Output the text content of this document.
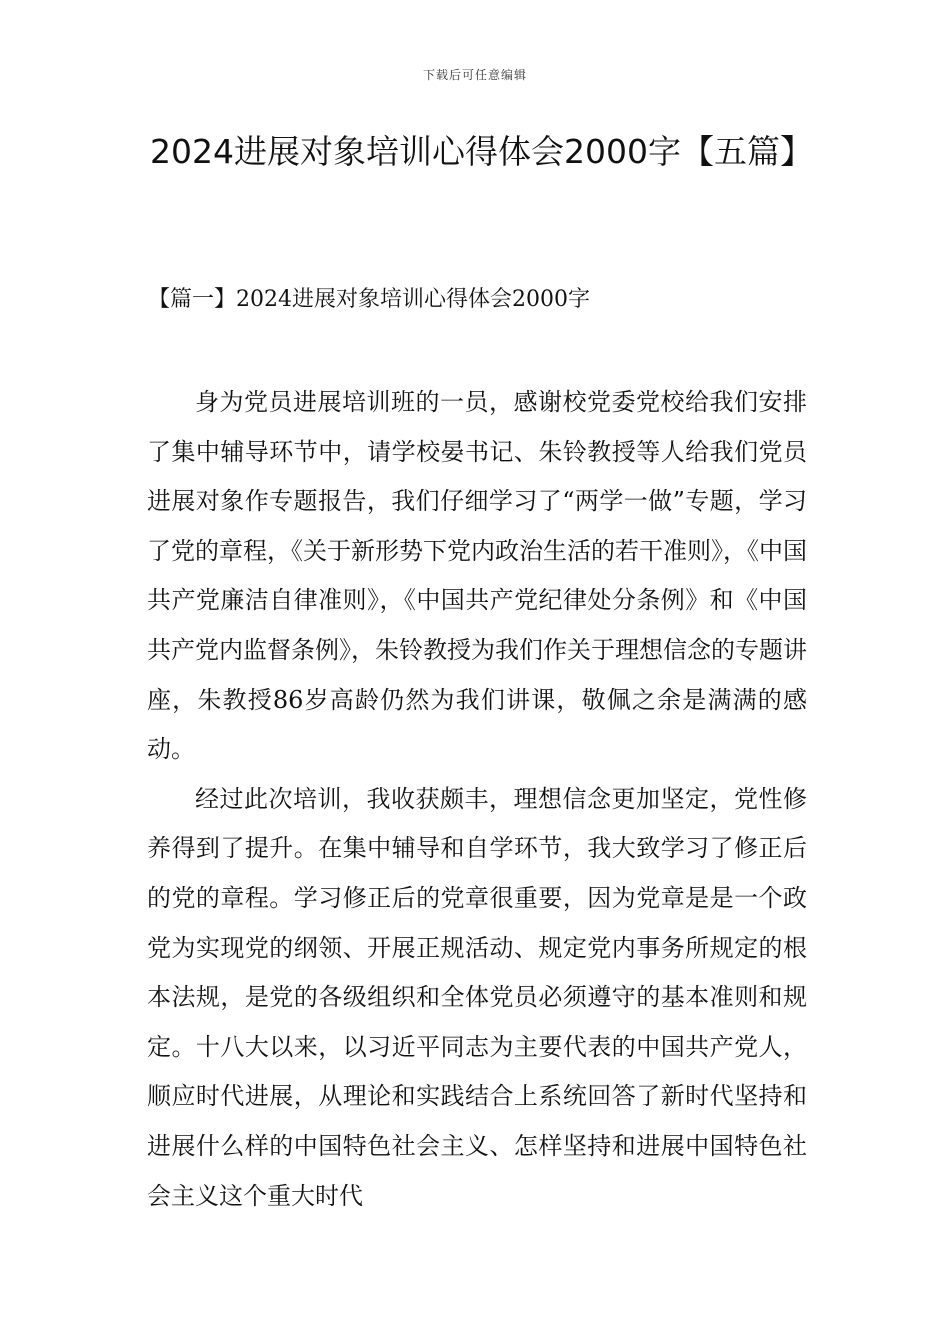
下载后可任意编辑
2024进展对象培训心得体会2000字【五篇】
【篇一】2024进展对象培训心得体会2000字

身为党员进展培训班的一员，感谢校党委党校给我们安排了集中辅导环节中，请学校晏书记、朱铃教授等人给我们党员进展对象作专题报告，我们仔细学习了“两学一做”专题，学习了党的章程，《关于新形势下党内政治生活的若干准则》，《中国共产党廉洁自律准则》，《中国共产党纪律处分条例》和《中国共产党内监督条例》，朱铃教授为我们作关于理想信念的专题讲座，朱教授86岁高龄仍然为我们讲课，敬佩之余是满满的感动。

经过此次培训，我收获颇丰，理想信念更加坚定，党性修养得到了提升。在集中辅导和自学环节，我大致学习了修正后的党的章程。学习修正后的党章很重要，因为党章是是一个政党为实现党的纲领、开展正规活动、规定党内事务所规定的根本法规，是党的各级组织和全体党员必须遵守的基本准则和规定。十八大以来，以习近平同志为主要代表的中国共产党人，顺应时代进展，从理论和实践结合上系统回答了新时代坚持和进展什么样的中国特色社会主义、怎样坚持和进展中国特色社会主义这个重大时代
